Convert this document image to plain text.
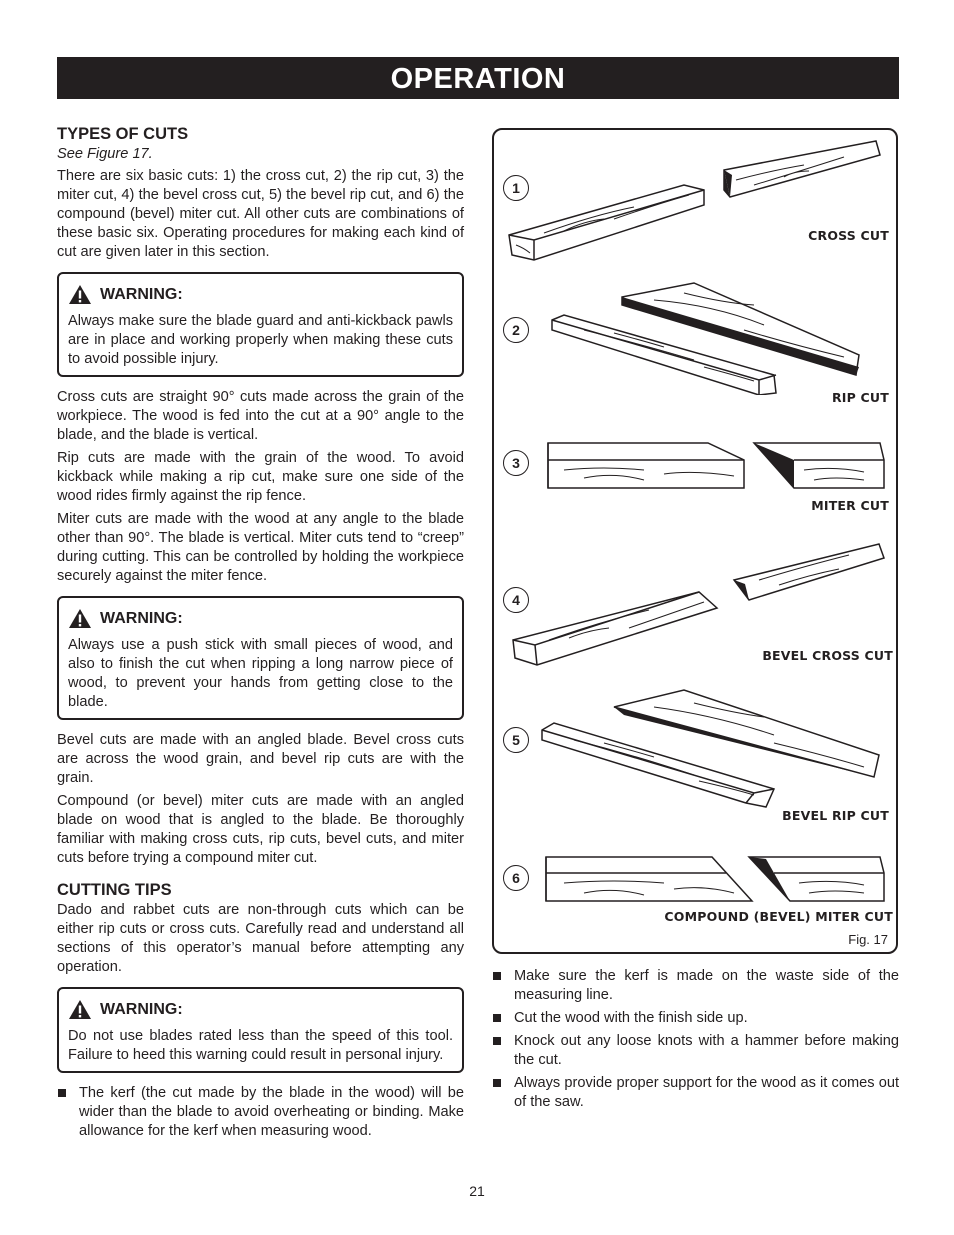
OPERATION
TYPES OF CUTS
See Figure 17.

There are six basic cuts: 1) the cross cut, 2) the rip cut, 3) the miter cut, 4) the bevel cross cut, 5) the bevel rip cut, and 6) the compound (bevel) miter cut. All other cuts are combinations of these basic six. Operating procedures for making each kind of cut are given later in this section.

WARNING:

Always make sure the blade guard and anti-kickback pawls are in place and working properly when making these cuts to avoid possible injury.

Cross cuts are straight 90° cuts made across the grain of the workpiece. The wood is fed into the cut at a 90° angle to the blade, and the blade is vertical.

Rip cuts are made with the grain of the wood. To avoid kickback while making a rip cut, make sure one side of the wood rides firmly against the rip fence.

Miter cuts are made with the wood at any angle to the blade other than 90°. The blade is vertical. Miter cuts tend to “creep” during cutting. This can be controlled by holding the workpiece securely against the miter fence.

WARNING:

Always use a push stick with small pieces of wood, and also to finish the cut when ripping a long narrow piece of wood, to prevent your hands from getting close to the blade.

Bevel cuts are made with an angled blade. Bevel cross cuts are across the wood grain, and bevel rip cuts are with the grain.

Compound (or bevel) miter cuts are made with an angled blade on wood that is angled to the blade. Be thoroughly familiar with making cross cuts, rip cuts, bevel cuts, and miter cuts before trying a compound miter cut.

CUTTING TIPS

Dado and rabbet cuts are non-through cuts which can be either rip cuts or cross cuts. Carefully read and understand all sections of this operator’s manual before attempting any operation.

WARNING:

Do not use blades rated less than the speed of this tool. Failure to heed this warning could result in personal injury.

The kerf (the cut made by the blade in the wood) will be wider than the blade to avoid overheating or binding. Make allowance for the kerf when measuring wood.
1
CROSS CUT
2
RIP CUT
3
MITER CUT
4
BEVEL CROSS CUT
5
BEVEL RIP CUT
6
COMPOUND (BEVEL) MITER CUT
Fig. 17
Make sure the kerf is made on the waste side of the measuring line.
Cut the wood with the finish side up.
Knock out any loose knots with a hammer before making the cut.
Always provide proper support for the wood as it comes out of the saw.
21
